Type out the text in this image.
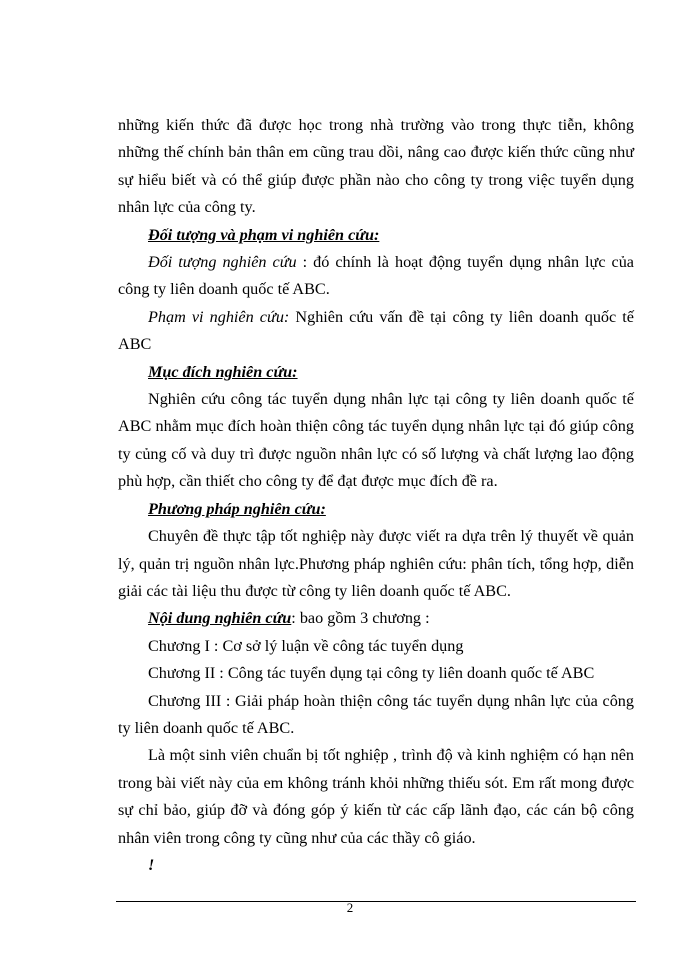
những kiến thức đã được học trong nhà trường vào trong thực tiễn, không những thế chính bản thân em cũng trau dồi, nâng cao được kiến thức cũng như sự hiểu biết và có thể giúp được phần nào cho công ty trong việc tuyển dụng nhân lực của công ty.

Đối tượng và phạm vi nghiên cứu:

Đối tượng nghiên cứu : đó chính là hoạt động tuyển dụng nhân lực của công ty liên doanh quốc tế ABC.

Phạm vi nghiên cứu: Nghiên cứu vấn đề tại công ty liên doanh quốc tế ABC

Mục đích nghiên cứu:

Nghiên cứu công tác tuyển dụng nhân lực tại công ty liên doanh quốc tế ABC nhằm mục đích hoàn thiện công tác tuyển dụng nhân lực tại đó giúp công ty củng cố và duy trì được nguồn nhân lực có số lượng và chất lượng lao động phù hợp, cần thiết cho công ty để đạt được mục đích đề ra.

Phương pháp nghiên cứu:

Chuyên đề thực tập tốt nghiệp này được viết ra dựa trên lý thuyết về quản lý, quản trị nguồn nhân lực.Phương pháp nghiên cứu: phân tích, tổng hợp, diễn giải các tài liệu thu được từ công ty liên doanh quốc tế ABC.

Nội dung nghiên cứu: bao gồm 3 chương :

Chương I : Cơ sở lý luận về công tác tuyển dụng

Chương II : Công tác tuyển dụng tại công ty liên doanh quốc tế ABC

Chương III : Giải pháp hoàn thiện công tác tuyển dụng nhân lực của công ty liên doanh quốc tế ABC.

Là một sinh viên chuẩn bị tốt nghiệp , trình độ và kinh nghiệm có hạn nên trong bài viết này của em không tránh khỏi những thiếu sót. Em rất mong được sự chỉ bảo, giúp đỡ và đóng góp ý kiến từ các cấp lãnh đạo, các cán bộ công nhân viên trong công ty cũng như của các thầy cô giáo.

!

2
